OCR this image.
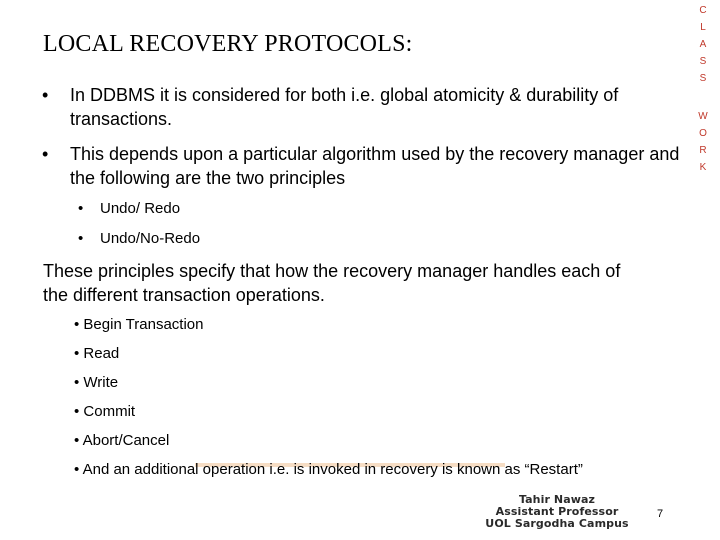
LOCAL RECOVERY PROTOCOLS:
C
L
A
S
S
W
O
R
K
• In DDBMS it is considered for both i.e. global atomicity & durability of transactions.
• This depends upon a particular algorithm used by the recovery manager and the following are the two principles
• Undo/ Redo
• Undo/No-Redo
These principles specify that how the recovery manager handles each of the different transaction operations.
• Begin Transaction
• Read
• Write
• Commit
• Abort/Cancel
• And an additional operation i.e. is invoked in recovery is known as “Restart”
Tahir Nawaz
Assistant Professor
UOL Sargodha Campus
7
